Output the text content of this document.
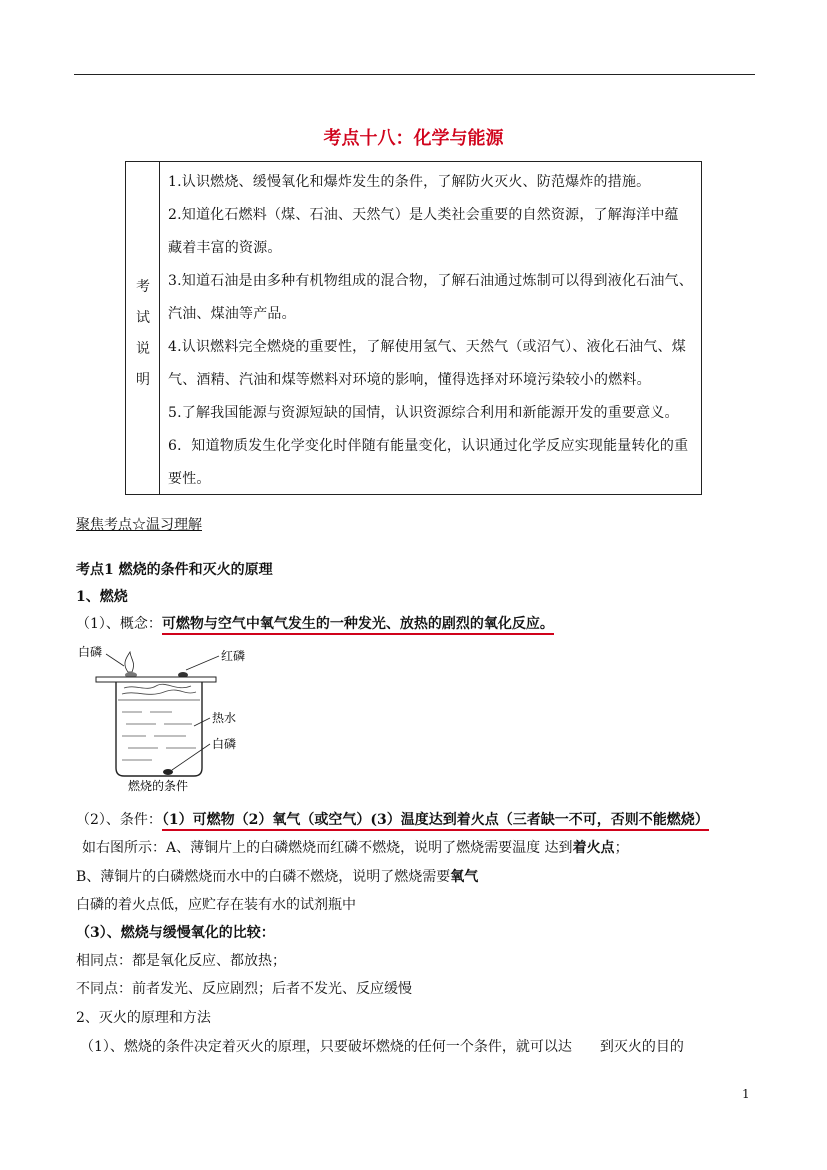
考点十八：化学与能源
考
试
说
明

1.认识燃烧、缓慢氧化和爆炸发生的条件，了解防火灭火、防范爆炸的措施。

2.知道化石燃料（煤、石油、天然气）是人类社会重要的自然资源，了解海洋中蕴

藏着丰富的资源。

3.知道石油是由多种有机物组成的混合物，了解石油通过炼制可以得到液化石油气、

汽油、煤油等产品。

4.认识燃料完全燃烧的重要性，了解使用氢气、天然气（或沼气）、液化石油气、煤

气、酒精、汽油和煤等燃料对环境的影响，懂得选择对环境污染较小的燃料。

5.了解我国能源与资源短缺的国情，认识资源综合利用和新能源开发的重要意义。

6．知道物质发生化学变化时伴随有能量变化，认识通过化学反应实现能量转化的重

要性。

聚焦考点☆温习理解
考点1 燃烧的条件和灭火的原理
1、燃烧
（1）、概念：可燃物与空气中氧气发生的一种发光、放热的剧烈的氧化反应。
白磷	红磷
热水
白磷
燃烧的条件
（2）、条件：（1）可燃物（2）氧气（或空气）(3）温度达到着火点（三者缺一不可，否则不能燃烧）
如右图所示：A、薄铜片上的白磷燃烧而红磷不燃烧，说明了燃烧需要温度 达到着火点；
B、薄铜片的白磷燃烧而水中的白磷不燃烧，说明了燃烧需要氧气
白磷的着火点低，应贮存在装有水的试剂瓶中
（3）、燃烧与缓慢氧化的比较：
相同点：都是氧化反应、都放热；
不同点：前者发光、反应剧烈；后者不发光、反应缓慢
2、灭火的原理和方法
（1）、燃烧的条件决定着灭火的原理，只要破坏燃烧的任何一个条件，就可以达　　到灭火的目的
1
